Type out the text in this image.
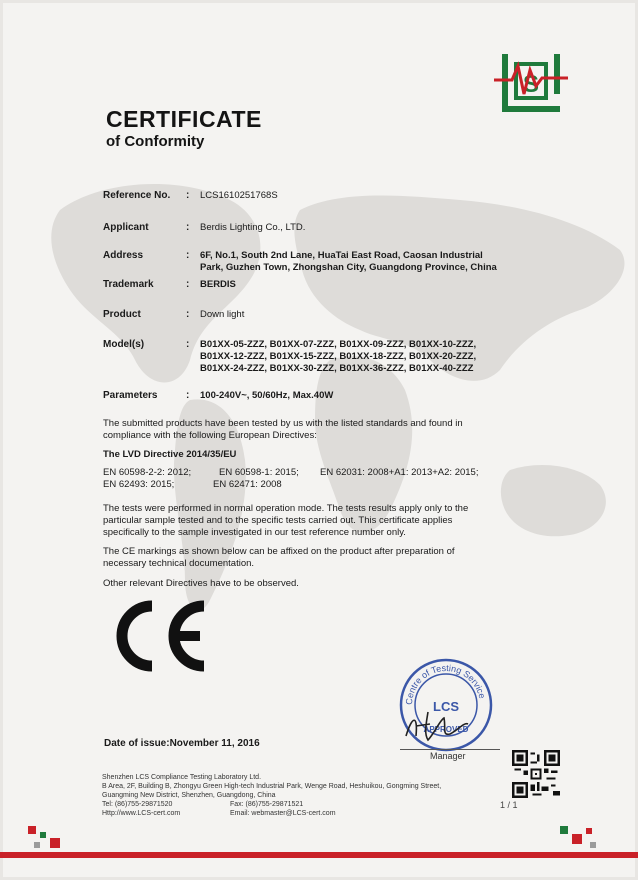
S
CERTIFICATE
of Conformity
Reference No. : LCS1610251768S
Applicant	: Berdis Lighting Co., LTD.
Address	: 6F, No.1, South 2nd Lane, HuaTai East Road, Caosan Industrial
Park, Guzhen Town, Zhongshan City, Guangdong Province, China
Trademark	: BERDIS
Product	: Down light
Model(s)	: B01XX-05-ZZZ, B01XX-07-ZZZ, B01XX-09-ZZZ, B01XX-10-ZZZ,
B01XX-12-ZZZ, B01XX-15-ZZZ, B01XX-18-ZZZ, B01XX-20-ZZZ,
B01XX-24-ZZZ, B01XX-30-ZZZ, B01XX-36-ZZZ, B01XX-40-ZZZ
Parameters	: 100-240V~, 50/60Hz, Max.40W
The submitted products have been tested by us with the listed standards and found in
compliance with the following European Directives:
The LVD Directive 2014/35/EU
EN 60598-2-2: 2012;	EN 60598-1: 2015; EN 62031: 2008+A1: 2013+A2: 2015;
EN 62493: 2015;	EN 62471: 2008
The tests were performed in normal operation mode. The tests results apply only to the
particular sample tested and to the specific tests carried out. This certificate applies
specifically to the sample investigated in our test reference number only.
The CE markings as shown below can be affixed on the product after preparation of
necessary technical documentation.
Other relevant Directives have to be observed.
Centre of Testing Service
LCS
APPROVED
Manager
Date of issue:November 11, 2016
Shenzhen LCS Compliance Testing Laboratory Ltd.
B Area, 2F, Building B, Zhongyu Green High-tech Industrial Park, Wenge Road, Heshuikou, Gongming Street,
Guangming New District, Shenzhen, Guangdong, China
Tel: (86)755-29871520	Fax: (86)755-29871521
Http://www.LCS-cert.com	Email: webmaster@LCS-cert.com
1 / 1
